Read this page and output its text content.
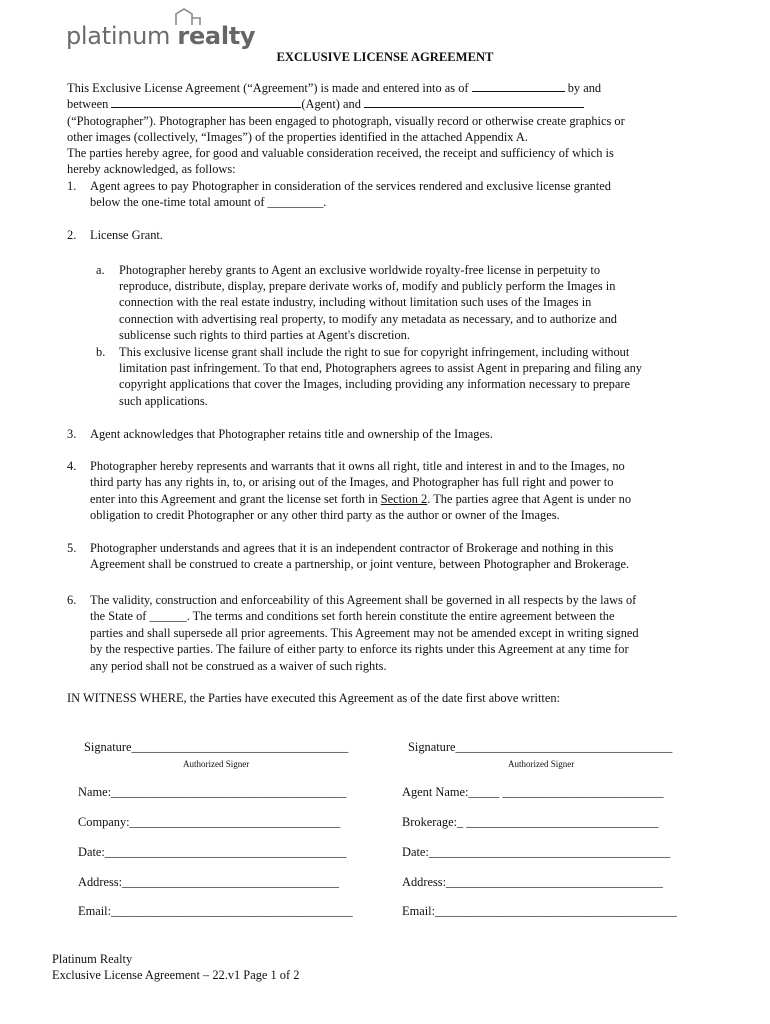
platinum realty
EXCLUSIVE LICENSE AGREEMENT
This Exclusive License Agreement (“Agreement”) is made and entered into as of	by and
between	(Agent) and
(“Photographer”). Photographer has been engaged to photograph, visually record or otherwise create graphics or
other images (collectively, “Images”) of the properties identified in the attached Appendix A.
The parties hereby agree, for good and valuable consideration received, the receipt and sufficiency of which is
hereby acknowledged, as follows:
1. Agent agrees to pay Photographer in consideration of the services rendered and exclusive license granted
below the one-time total amount of _________.
2. License Grant.
a. Photographer hereby grants to Agent an exclusive worldwide royalty-free license in perpetuity to
reproduce, distribute, display, prepare derivate works of, modify and publicly perform the Images in
connection with the real estate industry, including without limitation such uses of the Images in
connection with advertising real property, to modify any metadata as necessary, and to authorize and
sublicense such rights to third parties at Agent's discretion.
b. This exclusive license grant shall include the right to sue for copyright infringement, including without
limitation past infringement. To that end, Photographers agrees to assist Agent in preparing and filing any
copyright applications that cover the Images, including providing any information necessary to prepare
such applications.
3. Agent acknowledges that Photographer retains title and ownership of the Images.
4. Photographer hereby represents and warrants that it owns all right, title and interest in and to the Images, no
third party has any rights in, to, or arising out of the Images, and Photographer has full right and power to
enter into this Agreement and grant the license set forth in Section 2. The parties agree that Agent is under no
obligation to credit Photographer or any other third party as the author or owner of the Images.
5. Photographer understands and agrees that it is an independent contractor of Brokerage and nothing in this
Agreement shall be construed to create a partnership, or joint venture, between Photographer and Brokerage.
6. The validity, construction and enforceability of this Agreement shall be governed in all respects by the laws of
the State of ______. The terms and conditions set forth herein constitute the entire agreement between the
parties and shall supersede all prior agreements. This Agreement may not be amended except in writing signed
by the respective parties. The failure of either party to enforce its rights under this Agreement at any time for
any period shall not be construed as a waiver of such rights.
IN WITNESS WHERE, the Parties have executed this Agreement as of the date first above written:
Signature___________________________________
Authorized Signer
Name:______________________________________
Company:__________________________________
Date:_______________________________________
Address:___________________________________
Email:_______________________________________
Signature___________________________________
Authorized Signer
Agent Name:_____ __________________________
Brokerage:_ _______________________________
Date:_______________________________________
Address:___________________________________
Email:_______________________________________
Platinum Realty
Exclusive License Agreement – 22.v1 Page 1 of 2
